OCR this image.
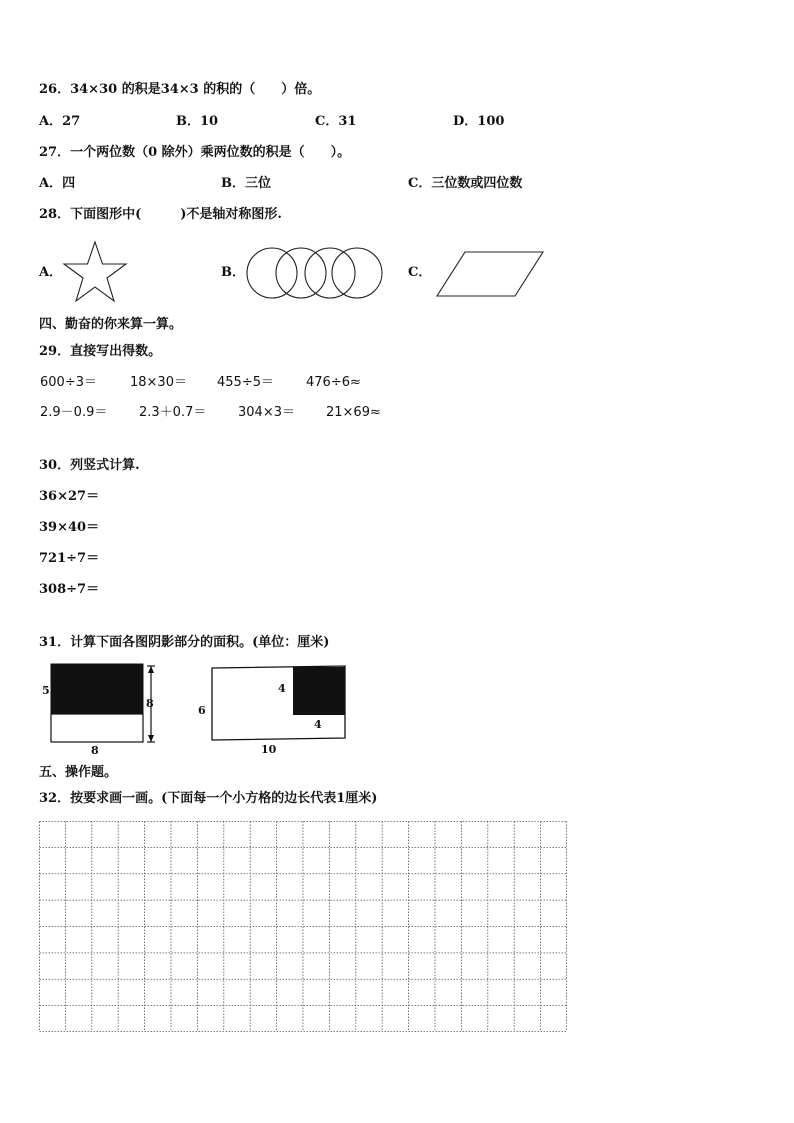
26．34×30 的积是34×3 的积的（　　）倍。
A．27	B．10	C．31	D．100
27．一个两位数（0 除外）乘两位数的积是（　　）。
A．四	B．三位	C．三位数或四位数
28．下面图形中(　　　)不是轴对称图形.
A．	B．	C．
四、勤奋的你来算一算。
29．直接写出得数。
600÷3＝	18×30＝ 455÷5＝ 476÷6≈
2.9－0.9＝ 2.3＋0.7＝ 304×3＝ 21×69≈
30．列竖式计算.
36×27＝
39×40＝
721÷7＝
308÷7＝
31．计算下面各图阴影部分的面积。(单位：厘米)
5
8
8
6
4
4
10
五、操作题。
32．按要求画一画。(下面每一个小方格的边长代表1厘米)
